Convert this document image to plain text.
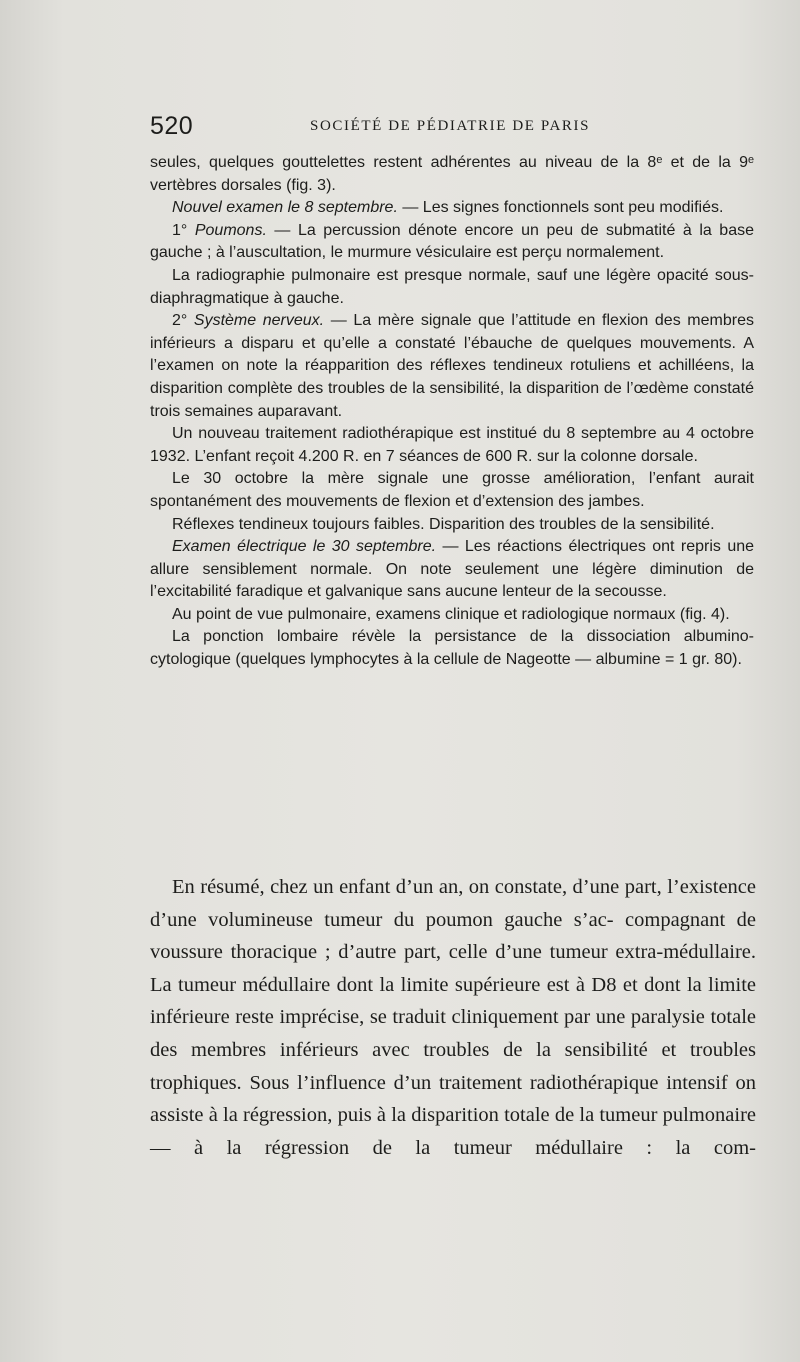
520	SOCIÉTÉ DE PÉDIATRIE DE PARIS

seules, quelques gouttelettes restent adhérentes au niveau de la 8ᵉ et de la 9ᵉ vertèbres dorsales (fig. 3).

Nouvel examen le 8 septembre. — Les signes fonctionnels sont peu modifiés.

1° Poumons. — La percussion dénote encore un peu de submatité à la base gauche ; à l’auscultation, le murmure vésiculaire est perçu normalement.

La radiographie pulmonaire est presque normale, sauf une légère opacité sous-diaphragmatique à gauche.

2° Système nerveux. — La mère signale que l’attitude en flexion des membres inférieurs a disparu et qu’elle a constaté l’ébauche de quelques mouvements. A l’examen on note la réapparition des réflexes tendineux rotuliens et achilléens, la disparition complète des troubles de la sensibilité, la disparition de l’œdème constaté trois semaines auparavant.

Un nouveau traitement radiothérapique est institué du 8 septembre au 4 octobre 1932. L’enfant reçoit 4.200 R. en 7 séances de 600 R. sur la colonne dorsale.

Le 30 octobre la mère signale une grosse amélioration, l’enfant aurait spontanément des mouvements de flexion et d’extension des jambes.

Réflexes tendineux toujours faibles. Disparition des troubles de la sensibilité.

Examen électrique le 30 septembre. — Les réactions électriques ont repris une allure sensiblement normale. On note seulement une légère diminution de l’excitabilité faradique et galvanique sans aucune lenteur de la secousse.

Au point de vue pulmonaire, examens clinique et radiologique normaux (fig. 4).

La ponction lombaire révèle la persistance de la dissociation albumino-cytologique (quelques lymphocytes à la cellule de Nageotte — albumine = 1 gr. 80).

En résumé, chez un enfant d’un an, on constate, d’une part, l’existence d’une volumineuse tumeur du poumon gauche s’ac- compagnant de voussure thoracique ; d’autre part, celle d’une tumeur extra-médullaire. La tumeur médullaire dont la limite supérieure est à D8 et dont la limite inférieure reste imprécise, se traduit cliniquement par une paralysie totale des membres inférieurs avec troubles de la sensibilité et troubles trophiques. Sous l’influence d’un traitement radiothérapique intensif on assiste à la régression, puis à la disparition totale de la tumeur pulmonaire — à la régression de la tumeur médullaire : la com-
